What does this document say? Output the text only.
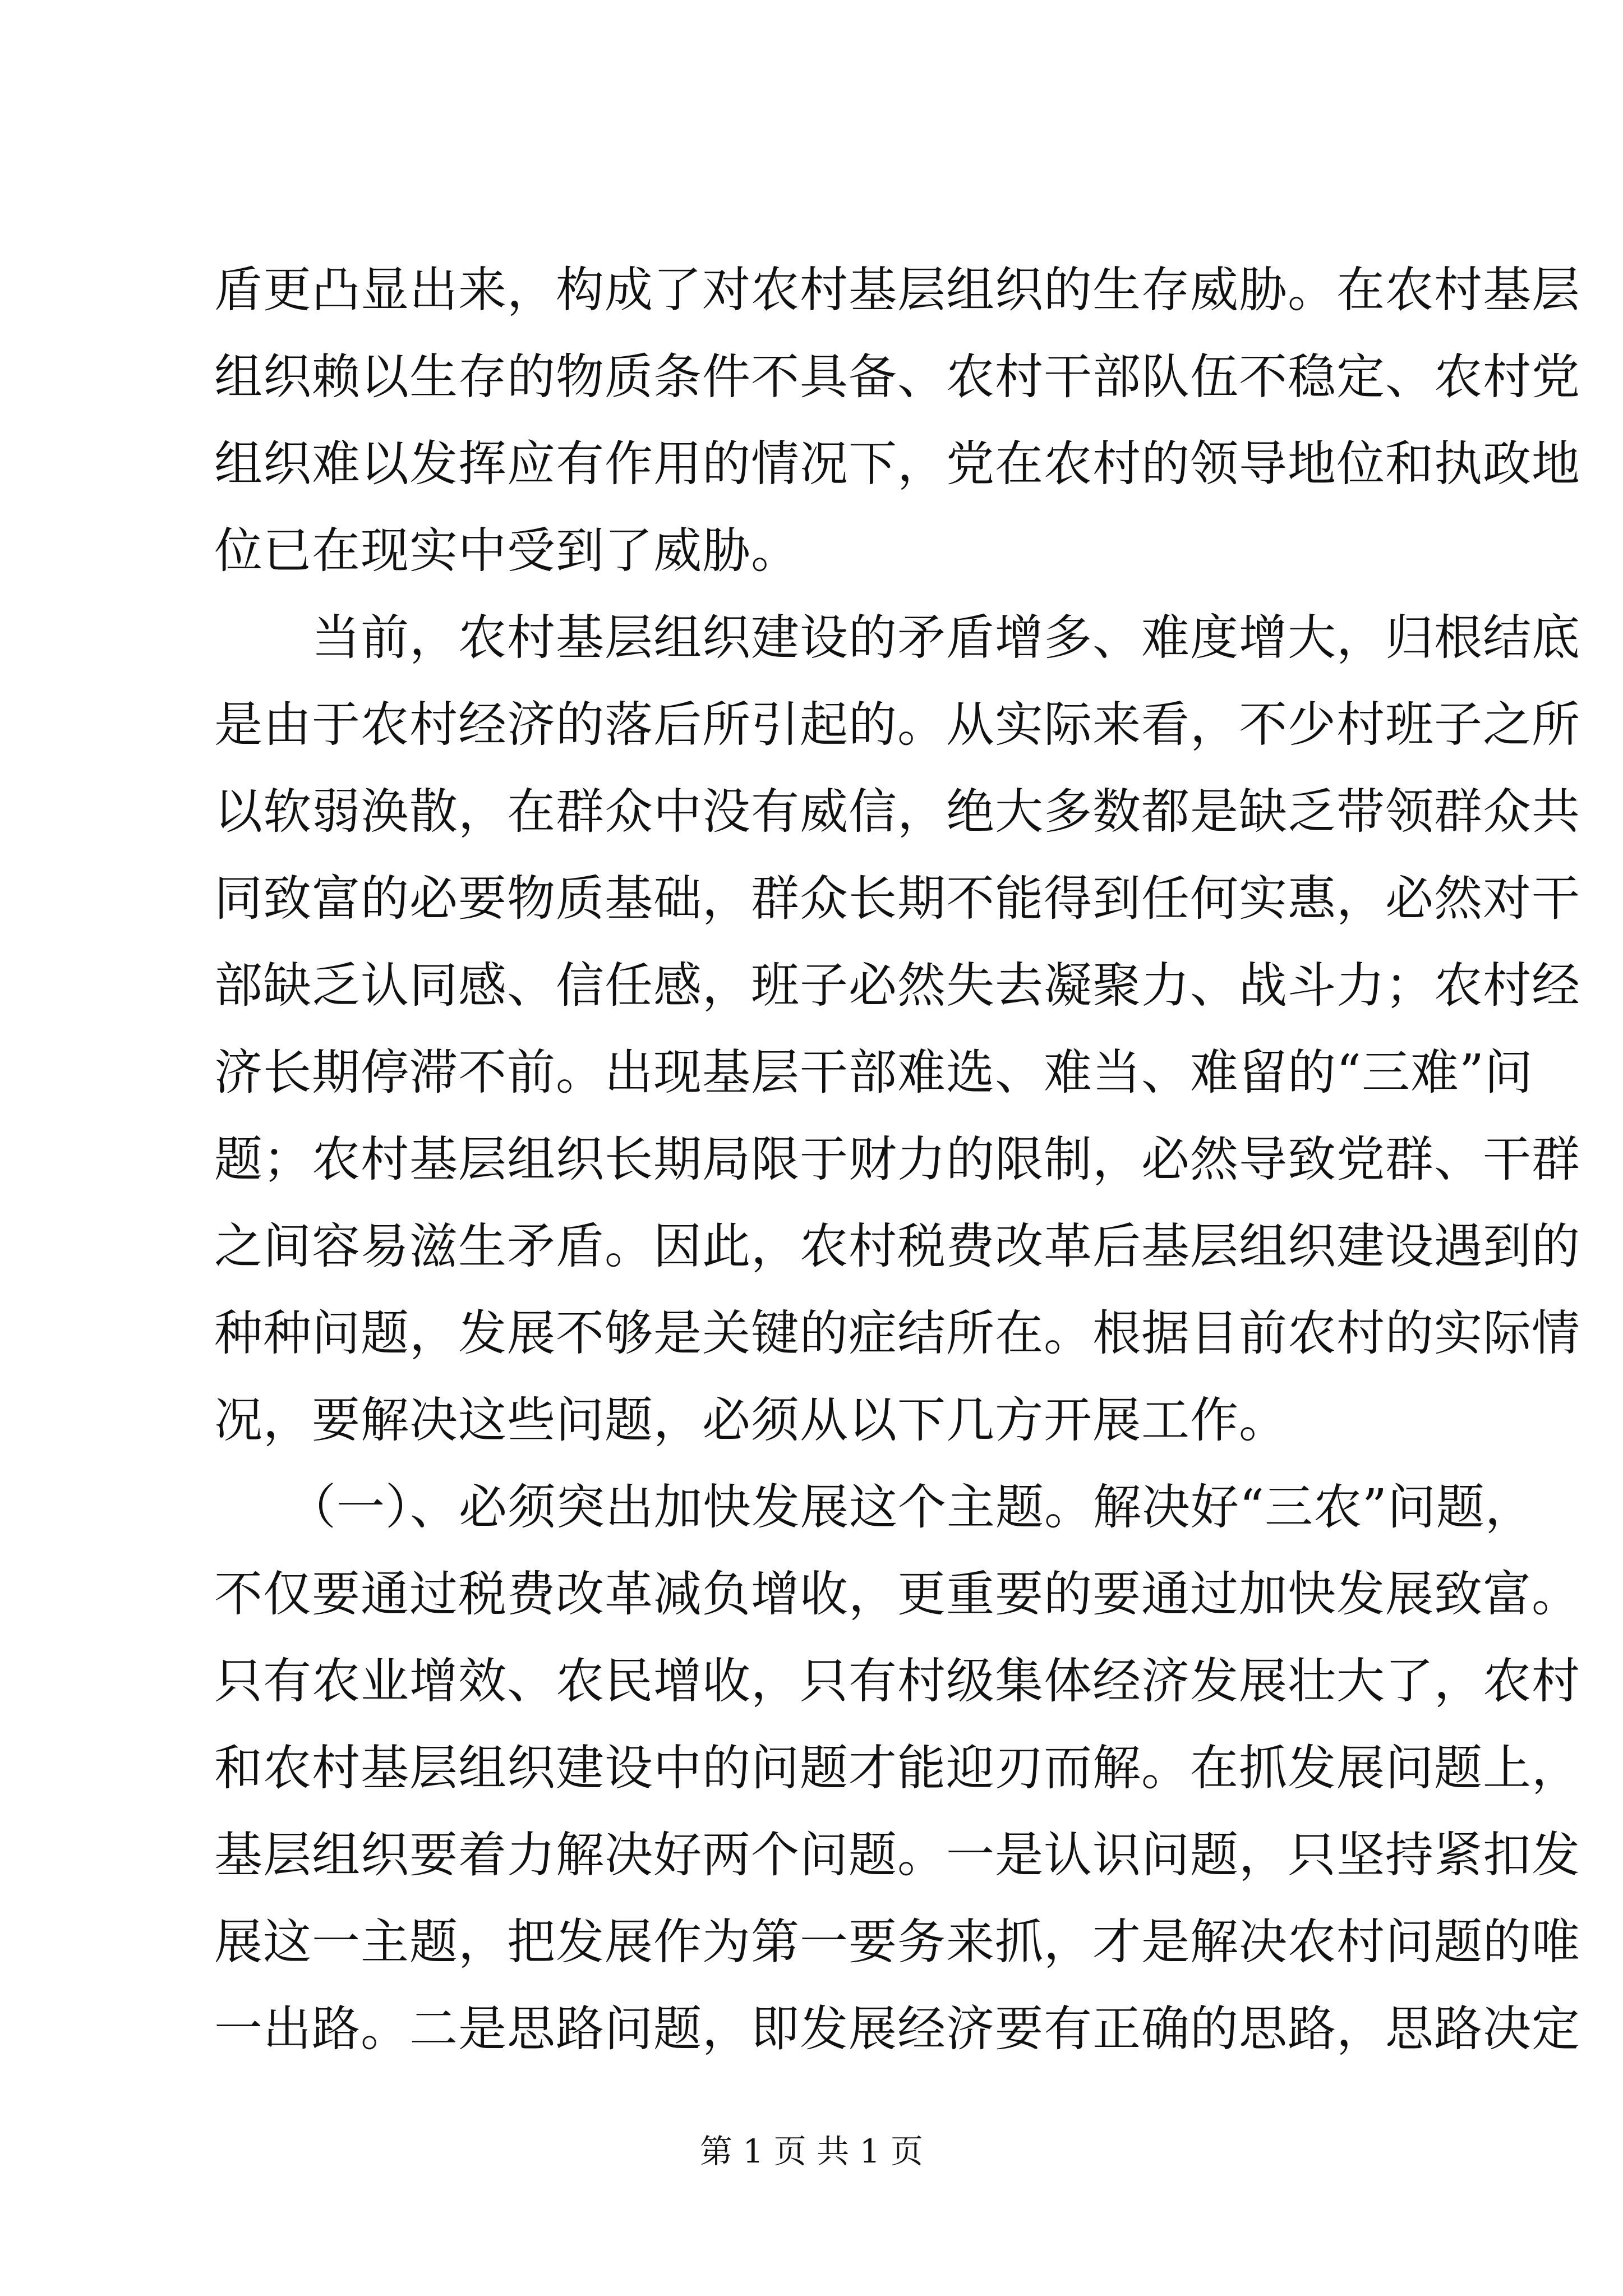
盾更凸显出来，构成了对农村基层组织的生存威胁。在农村基层
组织赖以生存的物质条件不具备、农村干部队伍不稳定、农村党
组织难以发挥应有作用的情况下，党在农村的领导地位和执政地
位已在现实中受到了威胁。
　　当前，农村基层组织建设的矛盾增多、难度增大，归根结底
是由于农村经济的落后所引起的。从实际来看，不少村班子之所
以软弱涣散，在群众中没有威信，绝大多数都是缺乏带领群众共
同致富的必要物质基础，群众长期不能得到任何实惠，必然对干
部缺乏认同感、信任感，班子必然失去凝聚力、战斗力；农村经
济长期停滞不前。出现基层干部难选、难当、难留的“三难”问
题；农村基层组织长期局限于财力的限制，必然导致党群、干群
之间容易滋生矛盾。因此，农村税费改革后基层组织建设遇到的
种种问题，发展不够是关键的症结所在。根据目前农村的实际情
况，要解决这些问题，必须从以下几方开展工作。
　　（一）、必须突出加快发展这个主题。解决好“三农”问题，
不仅要通过税费改革减负增收，更重要的要通过加快发展致富。
只有农业增效、农民增收，只有村级集体经济发展壮大了，农村
和农村基层组织建设中的问题才能迎刃而解。在抓发展问题上，
基层组织要着力解决好两个问题。一是认识问题，只坚持紧扣发
展这一主题，把发展作为第一要务来抓，才是解决农村问题的唯
一出路。二是思路问题，即发展经济要有正确的思路，思路决定
第 1 页 共 1 页
